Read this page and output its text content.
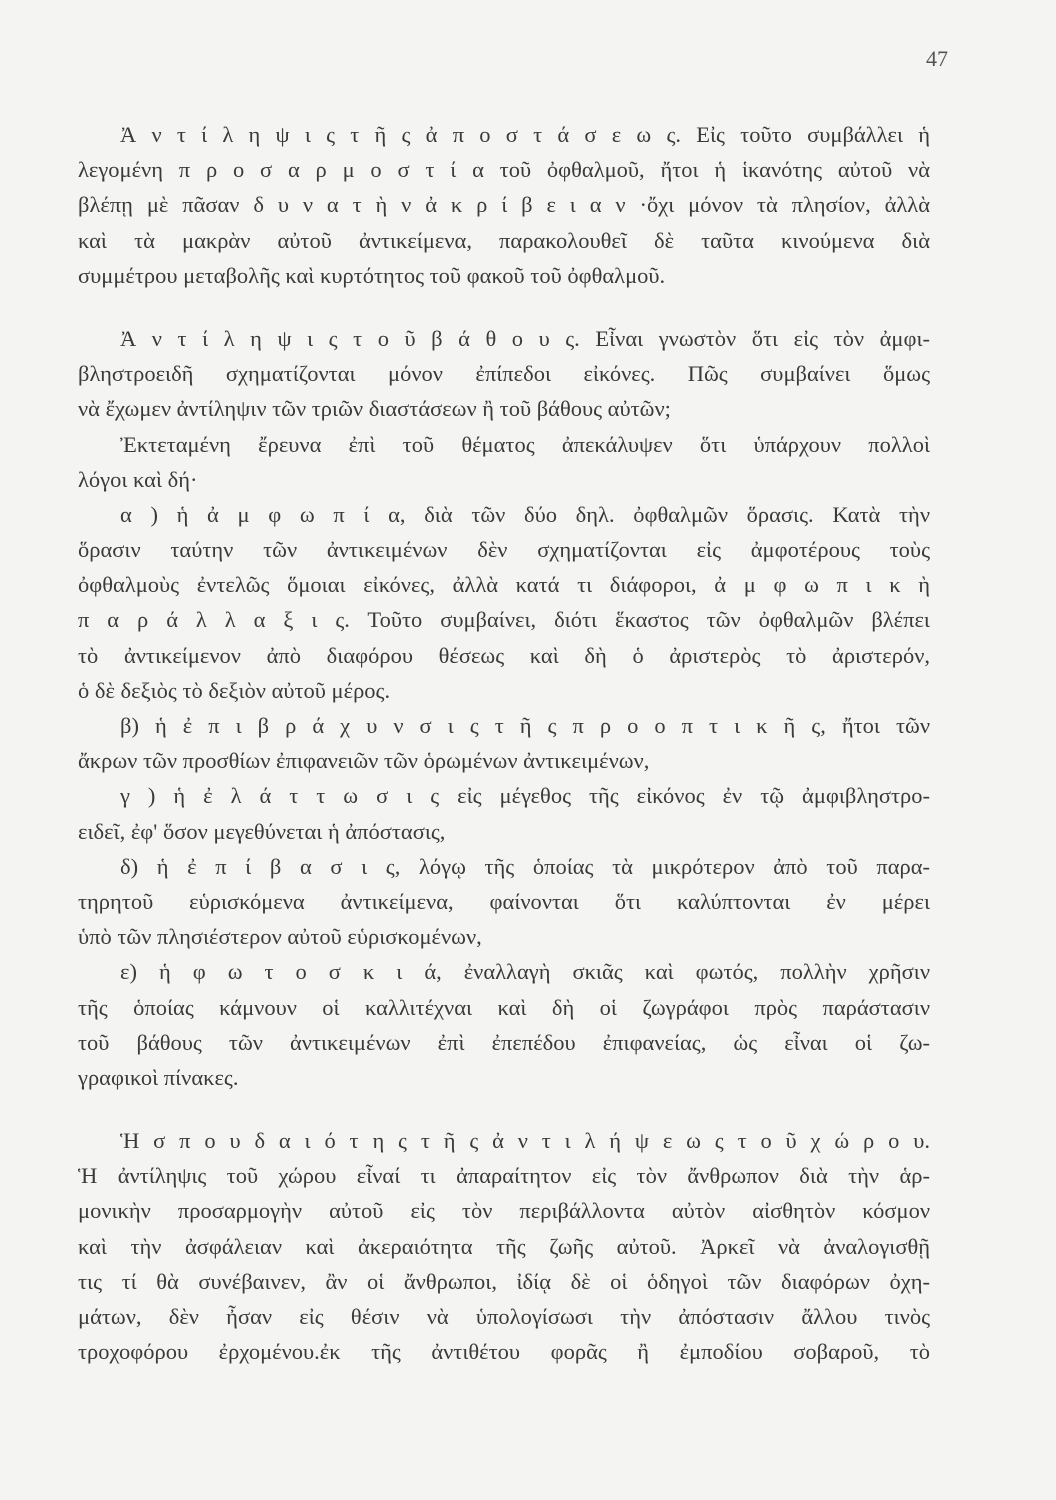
47
Ἀ ν τ ί λ η ψ ι ς τ ῆ ς ἀ π ο σ τ ά σ ε ω ς. Εἰς τοῦτο συμβάλλει ἡ
λεγομένη π ρ ο σ α ρ μ ο σ τ ί α τοῦ ὀφθαλμοῦ, ἤτοι ἡ ἱκανότης αὐτοῦ νὰ
βλέπῃ μὲ πᾶσαν δ υ ν α τ ὴ ν ἀ κ ρ ί β ε ι α ν ·ὄχι μόνον τὰ πλησίον, ἀλλὰ
καὶ τὰ μακρὰν αὐτοῦ ἀντικείμενα, παρακολουθεῖ δὲ ταῦτα κινούμενα διὰ
συμμέτρου μεταβολῆς καὶ κυρτότητος τοῦ φακοῦ τοῦ ὀφθαλμοῦ.
Ἀ ν τ ί λ η ψ ι ς τ ο ῦ β ά θ ο υ ς. Εἶναι γνωστὸν ὅτι εἰς τὸν ἀμφι-
βληστροειδῆ σχηματίζονται μόνον ἐπίπεδοι εἰκόνες. Πῶς συμβαίνει ὅμως
νὰ ἔχωμεν ἀντίληψιν τῶν τριῶν διαστάσεων ἢ τοῦ βάθους αὐτῶν;
Ἐκτεταμένη ἔρευνα ἐπὶ τοῦ θέματος ἀπεκάλυψεν ὅτι ὑπάρχουν πολλοὶ
λόγοι καὶ δή·
α ) ἡ ἀ μ φ ω π ί α, διὰ τῶν δύο δηλ. ὀφθαλμῶν ὅρασις. Κατὰ τὴν
ὅρασιν ταύτην τῶν ἀντικειμένων δὲν σχηματίζονται εἰς ἀμφοτέρους τοὺς
ὀφθαλμοὺς ἐντελῶς ὅμοιαι εἰκόνες, ἀλλὰ κατά τι διάφοροι, ἀ μ φ ω π ι κ ὴ
π α ρ ά λ λ α ξ ι ς. Τοῦτο συμβαίνει, διότι ἕκαστος τῶν ὀφθαλμῶν βλέπει
τὸ ἀντικείμενον ἀπὸ διαφόρου θέσεως καὶ δὴ ὁ ἀριστερὸς τὸ ἀριστερόν,
ὁ δὲ δεξιὸς τὸ δεξιὸν αὐτοῦ μέρος.
β) ἡ ἐ π ι β ρ ά χ υ ν σ ι ς τ ῆ ς π ρ ο ο π τ ι κ ῆ ς, ἤτοι τῶν
ἄκρων τῶν προσθίων ἐπιφανειῶν τῶν ὁρωμένων ἀντικειμένων,
γ ) ἡ ἐ λ ά τ τ ω σ ι ς εἰς μέγεθος τῆς εἰκόνος ἐν τῷ ἀμφιβληστρο-
ειδεῖ, ἐφ' ὅσον μεγεθύνεται ἡ ἀπόστασις,
δ) ἡ ἐ π ί β α σ ι ς, λόγῳ τῆς ὁποίας τὰ μικρότερον ἀπὸ τοῦ παρα-
τηρητοῦ εὑρισκόμενα ἀντικείμενα, φαίνονται ὅτι καλύπτονται ἐν μέρει
ὑπὸ τῶν πλησιέστερον αὐτοῦ εὑρισκομένων,
ε) ἡ φ ω τ ο σ κ ι ά, ἐναλλαγὴ σκιᾶς καὶ φωτός, πολλὴν χρῆσιν
τῆς ὁποίας κάμνουν οἱ καλλιτέχναι καὶ δὴ οἱ ζωγράφοι πρὸς παράστασιν
τοῦ βάθους τῶν ἀντικειμένων ἐπὶ ἐπεπέδου ἐπιφανείας, ὡς εἶναι οἱ ζω-
γραφικοὶ πίνακες.
Ἡ σ π ο υ δ α ι ό τ η ς τ ῆ ς ἀ ν τ ι λ ή ψ ε ω ς τ ο ῦ χ ώ ρ ο υ.
Ἡ ἀντίληψις τοῦ χώρου εἶναί τι ἀπαραίτητον εἰς τὸν ἄνθρωπον διὰ τὴν ἁρ-
μονικὴν προσαρμογὴν αὐτοῦ εἰς τὸν περιβάλλοντα αὐτὸν αἰσθητὸν κόσμον
καὶ τὴν ἀσφάλειαν καὶ ἀκεραιότητα τῆς ζωῆς αὐτοῦ. Ἀρκεῖ νὰ ἀναλογισθῇ
τις τί θὰ συνέβαινεν, ἂν οἱ ἄνθρωποι, ἰδίᾳ δὲ οἱ ὁδηγοὶ τῶν διαφόρων ὀχη-
μάτων, δὲν ἦσαν εἰς θέσιν νὰ ὑπολογίσωσι τὴν ἀπόστασιν ἄλλου τινὸς
τροχοφόρου ἐρχομένου.ἐκ τῆς ἀντιθέτου φορᾶς ἢ ἐμποδίου σοβαροῦ, τὸ
